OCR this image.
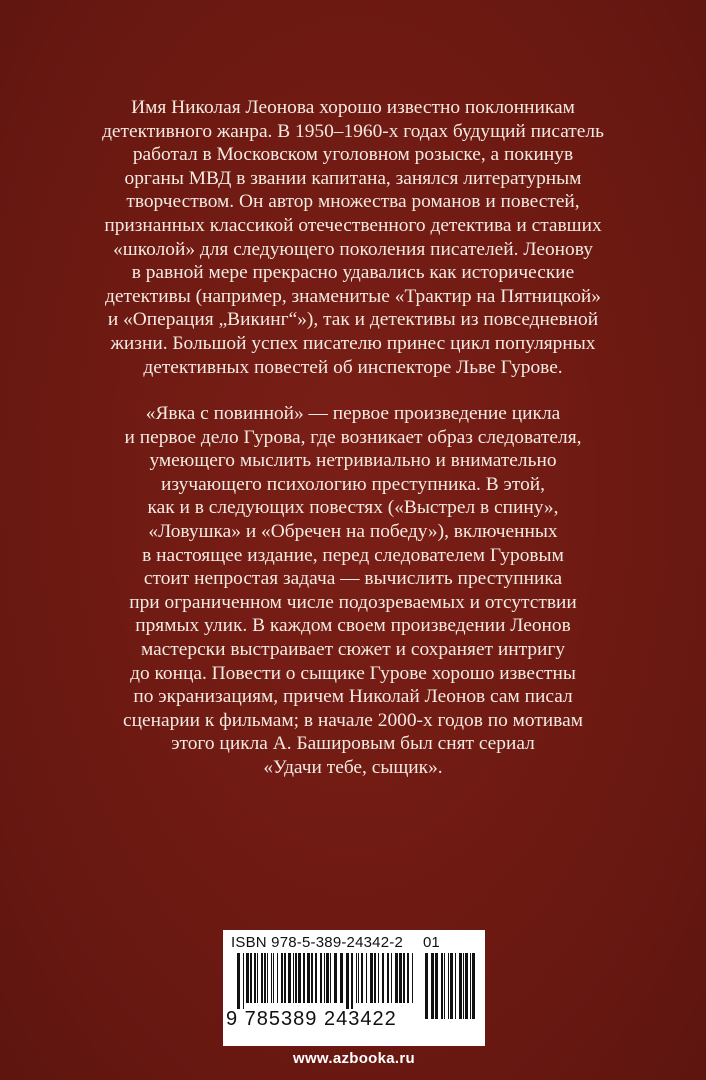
Имя Николая Леонова хорошо известно поклонникам
детективного жанра. В 1950–1960-х годах будущий писатель
работал в Московском уголовном розыске, а покинув
органы МВД в звании капитана, занялся литературным
творчеством. Он автор множества романов и повестей,
признанных классикой отечественного детектива и ставших
«школой» для следующего поколения писателей. Леонову
в равной мере прекрасно удавались как исторические
детективы (например, знаменитые «Трактир на Пятницкой»
и «Операция „Викинг“»), так и детективы из повседневной
жизни. Большой успех писателю принес цикл популярных
детективных повестей об инспекторе Льве Гурове.

«Явка с повинной» — первое произведение цикла
и первое дело Гурова, где возникает образ следователя,
умеющего мыслить нетривиально и внимательно
изучающего психологию преступника. В этой,
как и в следующих повестях («Выстрел в спину»,
«Ловушка» и «Обречен на победу»), включенных
в настоящее издание, перед следователем Гуровым
стоит непростая задача — вычислить преступника
при ограниченном числе подозреваемых и отсутствии
прямых улик. В каждом своем произведении Леонов
мастерски выстраивает сюжет и сохраняет интригу
до конца. Повести о сыщике Гурове хорошо известны
по экранизациям, причем Николай Леонов сам писал
сценарии к фильмам; в начале 2000-х годов по мотивам
этого цикла А. Башировым был снят сериал
«Удачи тебе, сыщик».

ISBN 978-5-389-24342-2 01
9 785389 243422
www.azbooka.ru
